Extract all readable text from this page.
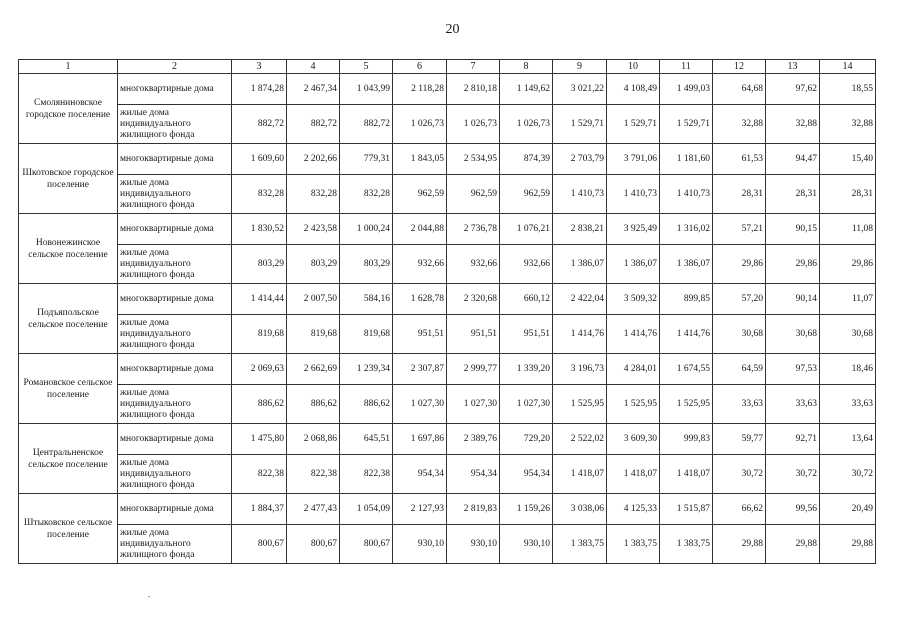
20
1	2	3	4	5	6	7	8	9	10	11	12	13	14
Смоляниновское городское поселение	многоквартирные дома	1 874,28	2 467,34	1 043,99	2 118,28	2 810,18	1 149,62	3 021,22	4 108,49	1 499,03	64,68	97,62	18,55
	жилые дома индивидуального жилищного фонда	882,72	882,72	882,72	1 026,73	1 026,73	1 026,73	1 529,71	1 529,71	1 529,71	32,88	32,88	32,88
Шкотовское городское поселение	многоквартирные дома	1 609,60	2 202,66	779,31	1 843,05	2 534,95	874,39	2 703,79	3 791,06	1 181,60	61,53	94,47	15,40
	жилые дома индивидуального жилищного фонда	832,28	832,28	832,28	962,59	962,59	962,59	1 410,73	1 410,73	1 410,73	28,31	28,31	28,31
Новонежинское сельское поселение	многоквартирные дома	1 830,52	2 423,58	1 000,24	2 044,88	2 736,78	1 076,21	2 838,21	3 925,49	1 316,02	57,21	90,15	11,08
	жилые дома индивидуального жилищного фонда	803,29	803,29	803,29	932,66	932,66	932,66	1 386,07	1 386,07	1 386,07	29,86	29,86	29,86
Подъяпольское сельское поселение	многоквартирные дома	1 414,44	2 007,50	584,16	1 628,78	2 320,68	660,12	2 422,04	3 509,32	899,85	57,20	90,14	11,07
	жилые дома индивидуального жилищного фонда	819,68	819,68	819,68	951,51	951,51	951,51	1 414,76	1 414,76	1 414,76	30,68	30,68	30,68
Романовское сельское поселение	многоквартирные дома	2 069,63	2 662,69	1 239,34	2 307,87	2 999,77	1 339,20	3 196,73	4 284,01	1 674,55	64,59	97,53	18,46
	жилые дома индивидуального жилищного фонда	886,62	886,62	886,62	1 027,30	1 027,30	1 027,30	1 525,95	1 525,95	1 525,95	33,63	33,63	33,63
Центральненское сельское поселение	многоквартирные дома	1 475,80	2 068,86	645,51	1 697,86	2 389,76	729,20	2 522,02	3 609,30	999,83	59,77	92,71	13,64
	жилые дома индивидуального жилищного фонда	822,38	822,38	822,38	954,34	954,34	954,34	1 418,07	1 418,07	1 418,07	30,72	30,72	30,72
Штыковское сельское поселение	многоквартирные дома	1 884,37	2 477,43	1 054,09	2 127,93	2 819,83	1 159,26	3 038,06	4 125,33	1 515,87	66,62	99,56	20,49
	жилые дома индивидуального жилищного фонда	800,67	800,67	800,67	930,10	930,10	930,10	1 383,75	1 383,75	1 383,75	29,88	29,88	29,88
